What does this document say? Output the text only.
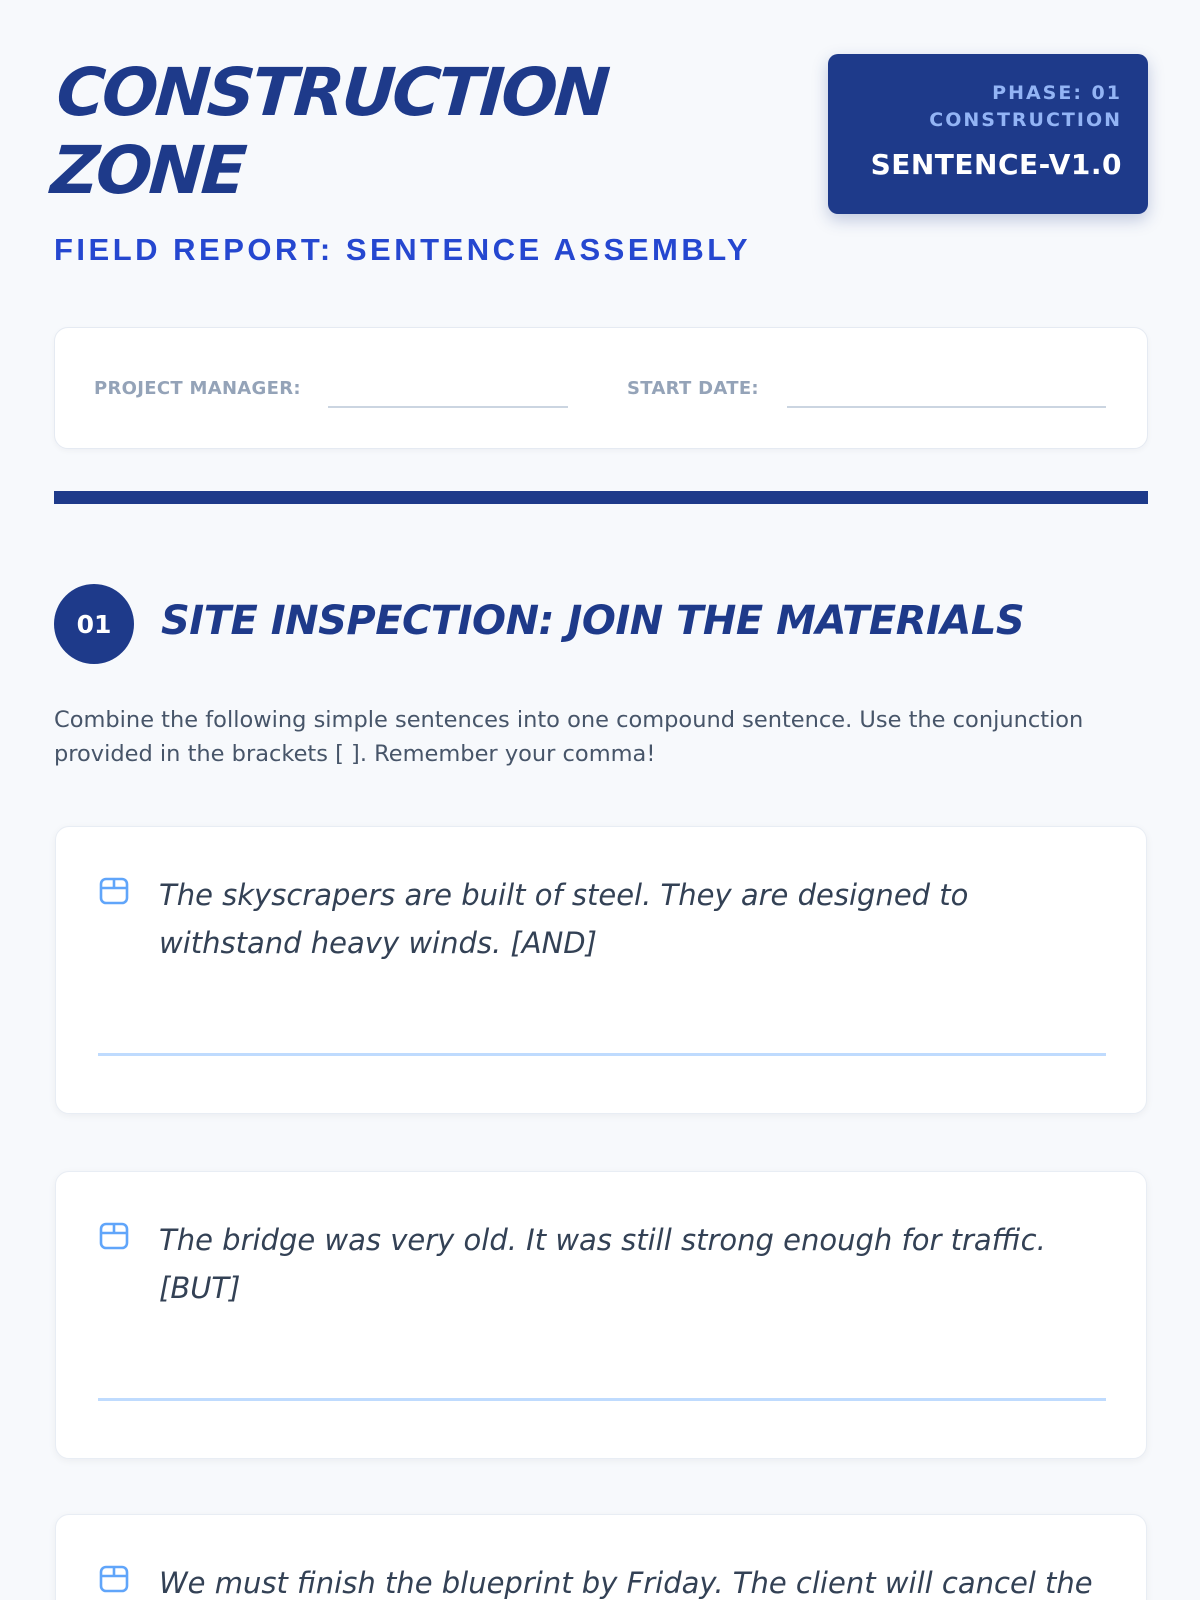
CONSTRUCTION
ZONE
FIELD REPORT: SENTENCE ASSEMBLY
PHASE: 01
CONSTRUCTION
SENTENCE-V1.0
PROJECT MANAGER:	START DATE:
01	SITE INSPECTION: JOIN THE MATERIALS
Combine the following simple sentences into one compound sentence. Use the conjunction provided in the brackets [ ]. Remember your comma!
The skyscrapers are built of steel. They are designed to withstand heavy winds. [AND]
The bridge was very old. It was still strong enough for traffic. [BUT]
We must finish the blueprint by Friday. The client will cancel the
